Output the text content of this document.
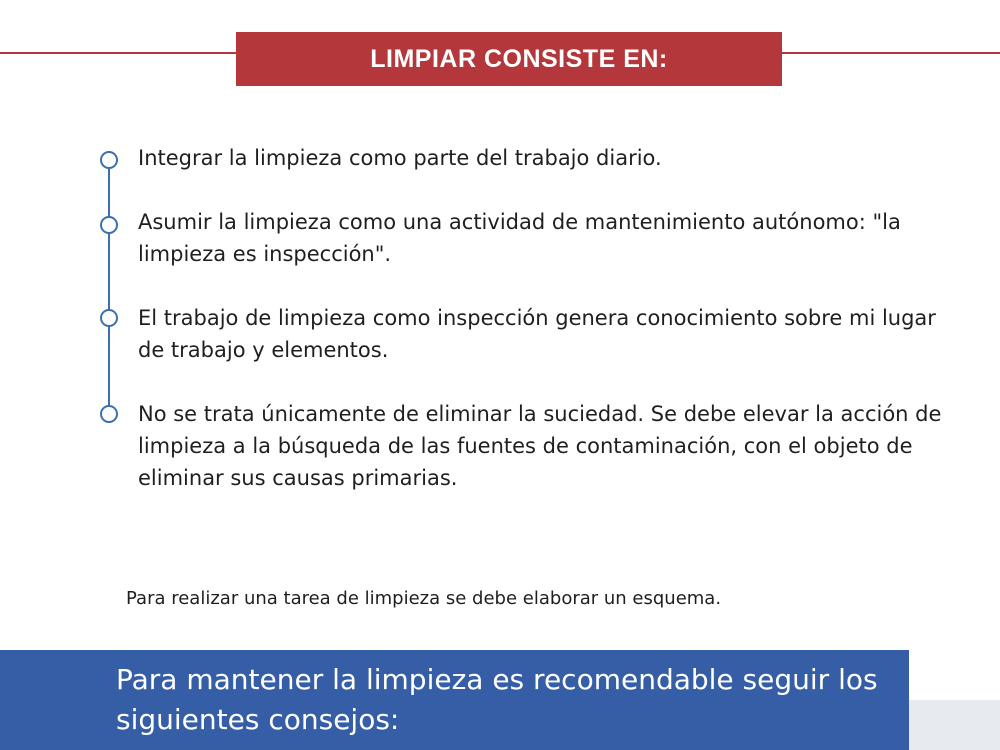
LIMPIAR CONSISTE EN:
Integrar la limpieza como parte del trabajo diario.
Asumir la limpieza como una actividad de mantenimiento autónomo: "la limpieza es inspección".
El trabajo de limpieza como inspección genera conocimiento sobre mi lugar de trabajo y elementos.
No se trata únicamente de eliminar la suciedad. Se debe elevar la acción de limpieza a la búsqueda de las fuentes de contaminación, con el objeto de eliminar sus causas primarias.
Para realizar una tarea de limpieza se debe elaborar un esquema.
Para mantener la limpieza es recomendable seguir los siguientes consejos:
